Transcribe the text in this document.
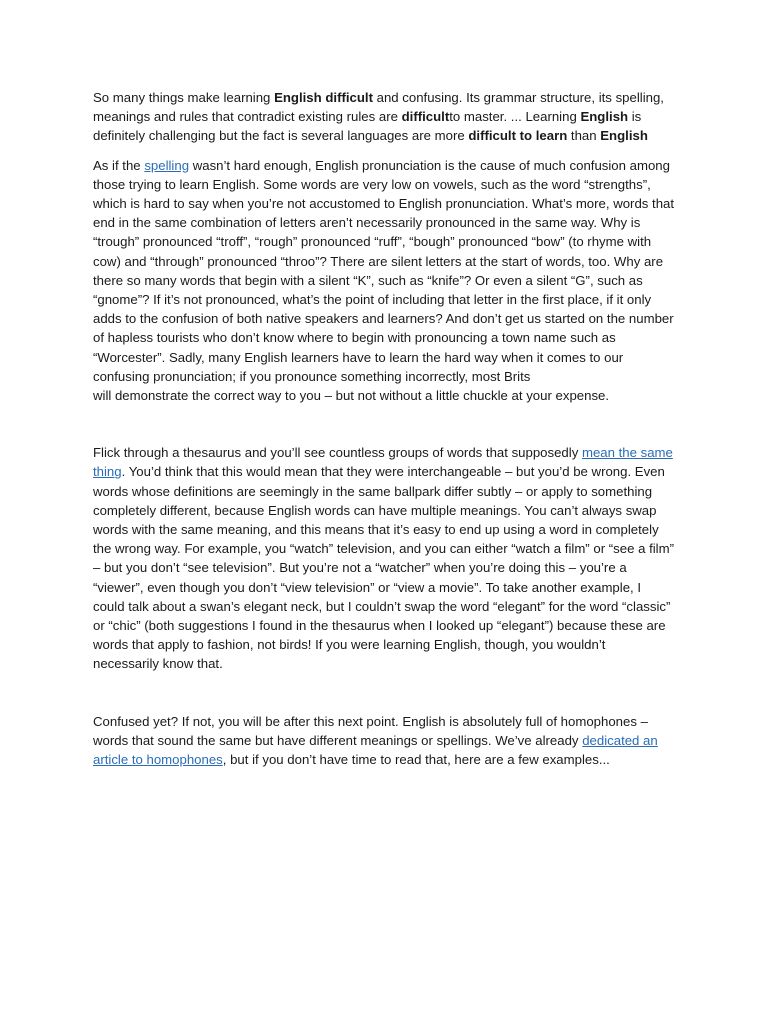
So many things make learning English difficult and confusing. Its grammar structure, its spelling, meanings and rules that contradict existing rules are difficultto master. ... Learning English is definitely challenging but the fact is several languages are more difficult to learn than English

As if the spelling wasn’t hard enough, English pronunciation is the cause of much confusion among those trying to learn English. Some words are very low on vowels, such as the word “strengths”, which is hard to say when you’re not accustomed to English pronunciation. What’s more, words that end in the same combination of letters aren’t necessarily pronounced in the same way. Why is “trough” pronounced “troff”, “rough” pronounced “ruff”, “bough” pronounced “bow” (to rhyme with cow) and “through” pronounced “throo”? There are silent letters at the start of words, too. Why are there so many words that begin with a silent “K”, such as “knife”? Or even a silent “G”, such as “gnome”? If it’s not pronounced, what’s the point of including that letter in the first place, if it only adds to the confusion of both native speakers and learners? And don’t get us started on the number of hapless tourists who don’t know where to begin with pronouncing a town name such as “Worcester”. Sadly, many English learners have to learn the hard way when it comes to our confusing pronunciation; if you pronounce something incorrectly, most Brits
will demonstrate the correct way to you – but not without a little chuckle at your expense.

Flick through a thesaurus and you’ll see countless groups of words that supposedly mean the same thing. You’d think that this would mean that they were interchangeable – but you’d be wrong. Even words whose definitions are seemingly in the same ballpark differ subtly – or apply to something completely different, because English words can have multiple meanings. You can’t always swap words with the same meaning, and this means that it’s easy to end up using a word in completely the wrong way. For example, you “watch” television, and you can either “watch a film” or “see a film” – but you don’t “see television”. But you’re not a “watcher” when you’re doing this – you’re a “viewer”, even though you don’t “view television” or “view a movie”. To take another example, I could talk about a swan’s elegant neck, but I couldn’t swap the word “elegant” for the word “classic” or “chic” (both suggestions I found in the thesaurus when I looked up “elegant”) because these are words that apply to fashion, not birds! If you were learning English, though, you wouldn’t necessarily know that.

Confused yet? If not, you will be after this next point. English is absolutely full of homophones – words that sound the same but have different meanings or spellings. We’ve already dedicated an article to homophones, but if you don’t have time to read that, here are a few examples...
